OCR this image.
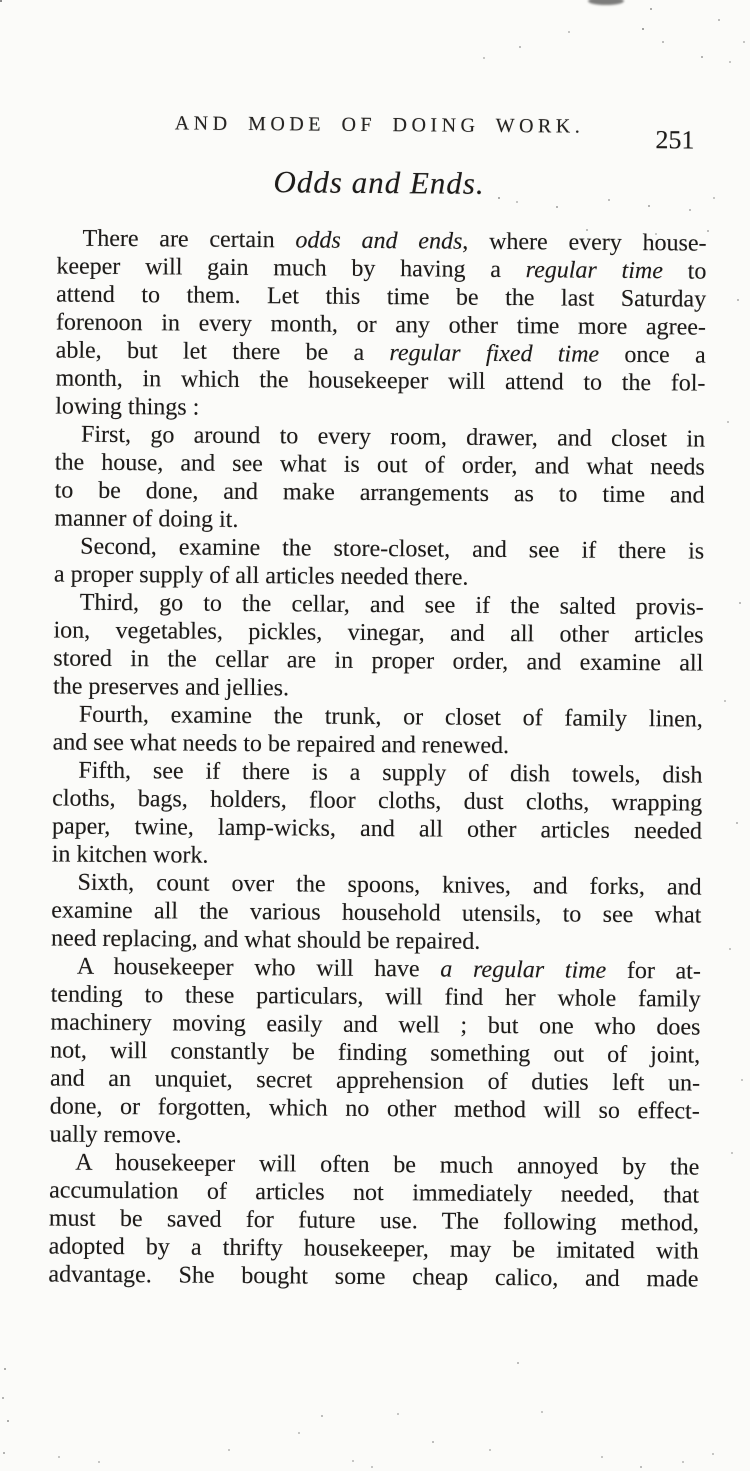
AND MODE OF DOING WORK.
251
Odds and Ends.

There are certain odds and ends, where every house-
keeper will gain much by having a regular time to
attend to them. Let this time be the last Saturday
forenoon in every month, or any other time more agree-
able, but let there be a regular fixed time once a
month, in which the housekeeper will attend to the fol-
lowing things :

First, go around to every room, drawer, and closet in
the house, and see what is out of order, and what needs
to be done, and make arrangements as to time and
manner of doing it.

Second, examine the store-closet, and see if there is
a proper supply of all articles needed there.

Third, go to the cellar, and see if the salted provis-
ion, vegetables, pickles, vinegar, and all other articles
stored in the cellar are in proper order, and examine all
the preserves and jellies.

Fourth, examine the trunk, or closet of family linen,
and see what needs to be repaired and renewed.

Fifth, see if there is a supply of dish towels, dish
cloths, bags, holders, floor cloths, dust cloths, wrapping
paper, twine, lamp-wicks, and all other articles needed
in kitchen work.

Sixth, count over the spoons, knives, and forks, and
examine all the various household utensils, to see what
need replacing, and what should be repaired.

A housekeeper who will have a regular time for at-
tending to these particulars, will find her whole family
machinery moving easily and well ; but one who does
not, will constantly be finding something out of joint,
and an unquiet, secret apprehension of duties left un-
done, or forgotten, which no other method will so effect-
ually remove.

A housekeeper will often be much annoyed by the
accumulation of articles not immediately needed, that
must be saved for future use. The following method,
adopted by a thrifty housekeeper, may be imitated with
advantage. She bought some cheap calico, and made
